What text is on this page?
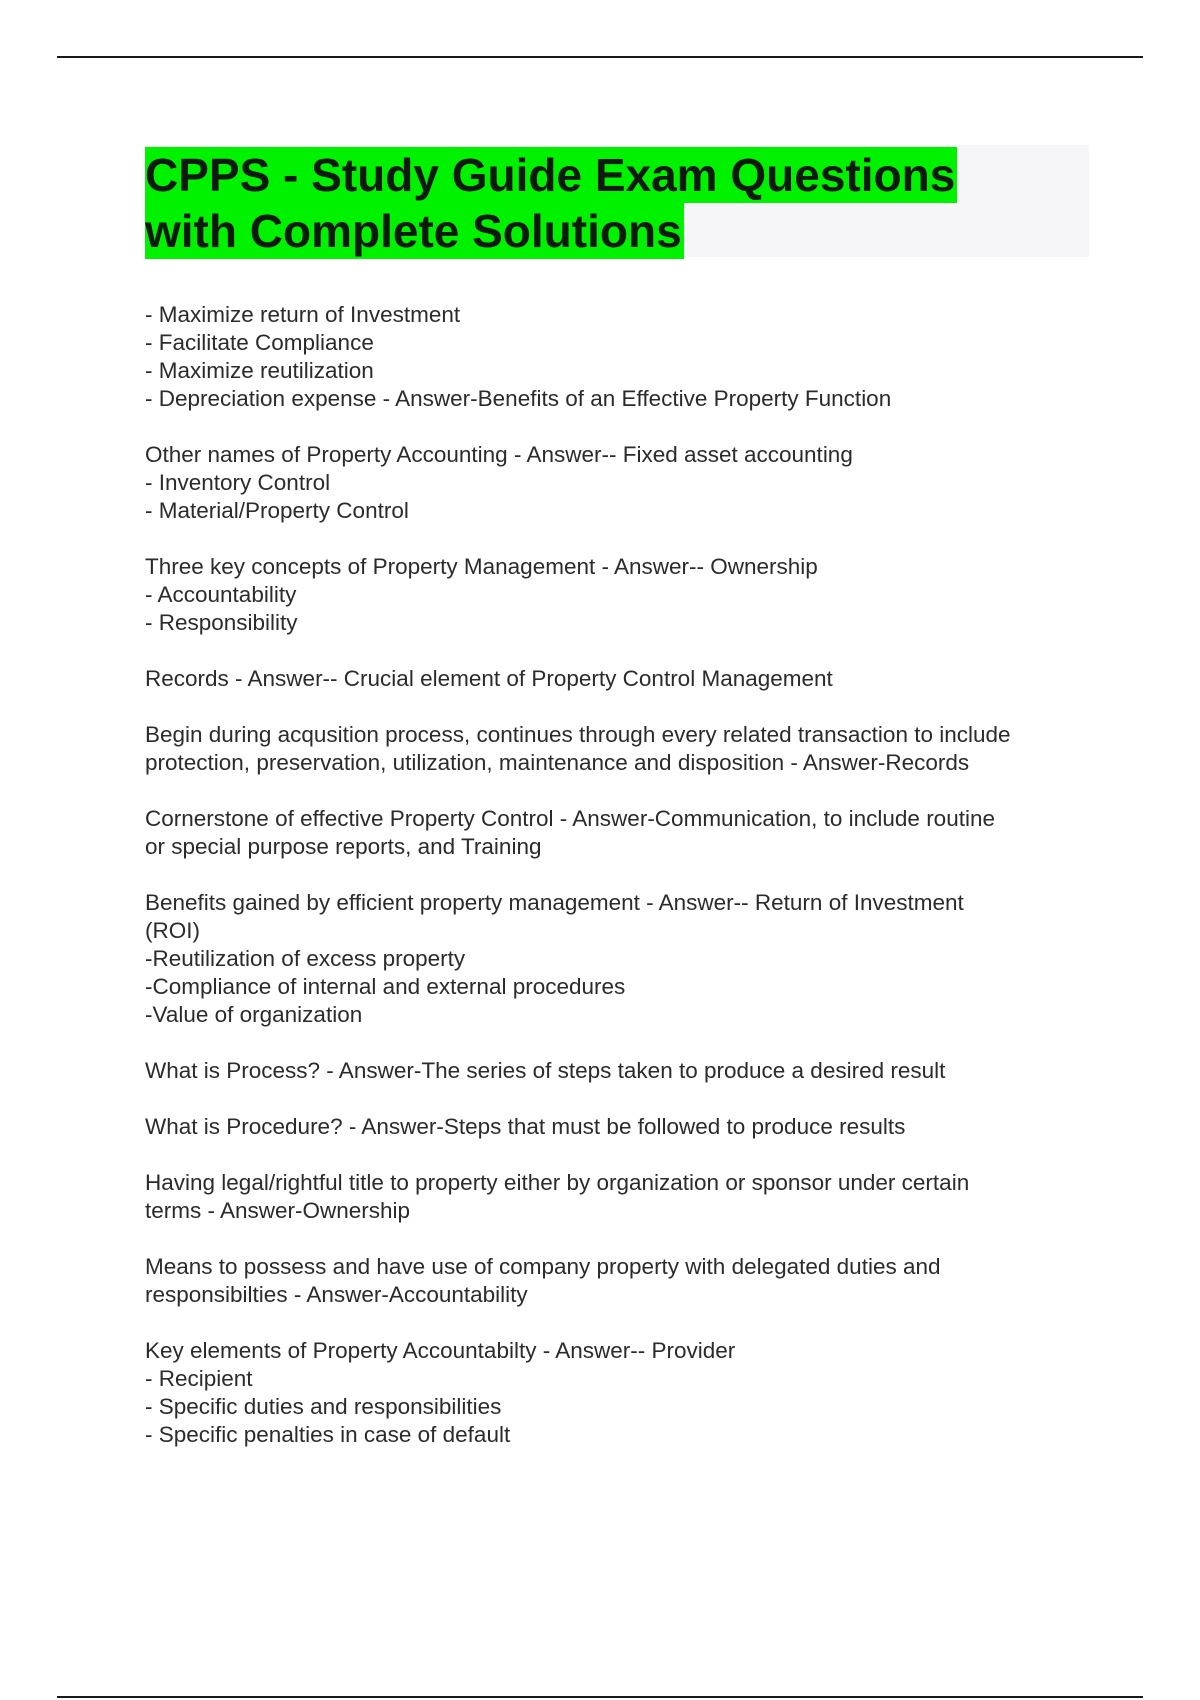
CPPS - Study Guide Exam Questions
with Complete Solutions
- Maximize return of Investment
- Facilitate Compliance
- Maximize reutilization
- Depreciation expense - Answer-Benefits of an Effective Property Function
Other names of Property Accounting - Answer-- Fixed asset accounting
- Inventory Control
- Material/Property Control
Three key concepts of Property Management - Answer-- Ownership
- Accountability
- Responsibility
Records - Answer-- Crucial element of Property Control Management
Begin during acqusition process, continues through every related transaction to include
protection, preservation, utilization, maintenance and disposition - Answer-Records
Cornerstone of effective Property Control - Answer-Communication, to include routine
or special purpose reports, and Training
Benefits gained by efficient property management - Answer-- Return of Investment
(ROI)
-Reutilization of excess property
-Compliance of internal and external procedures
-Value of organization
What is Process? - Answer-The series of steps taken to produce a desired result
What is Procedure? - Answer-Steps that must be followed to produce results
Having legal/rightful title to property either by organization or sponsor under certain
terms - Answer-Ownership
Means to possess and have use of company property with delegated duties and
responsibilties - Answer-Accountability
Key elements of Property Accountabilty - Answer-- Provider
- Recipient
- Specific duties and responsibilities
- Specific penalties in case of default
